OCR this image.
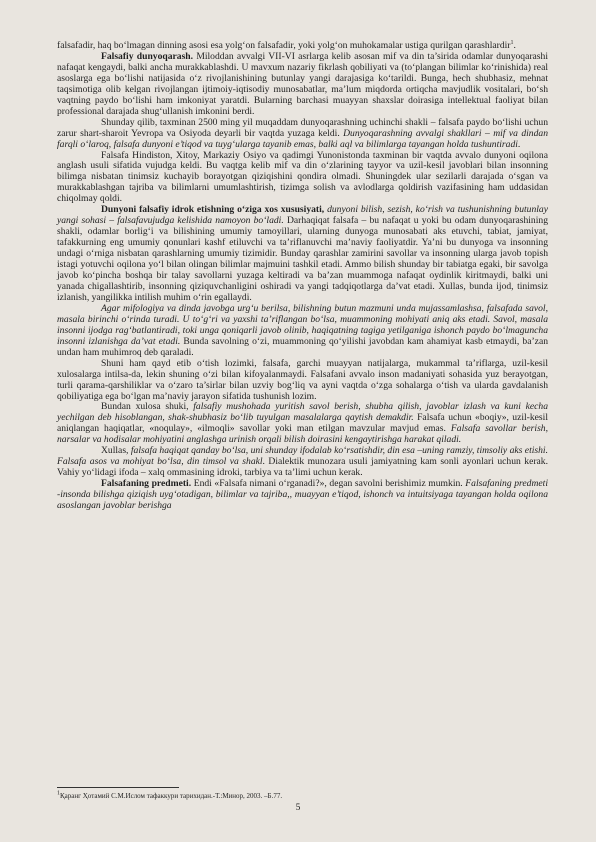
falsafadir, haq bo‘lmagan dinning asosi esa yolg‘on falsafadir, yoki yolg‘on muhokamalar ustiga qurilgan qarashlardir$^1$.

Falsafiy dunyoqarash. Miloddan avvalgi VII-VI asrlarga kelib asosan mif va din ta’sirida odamlar dunyoqarashi nafaqat kengaydi, balki ancha murakkablashdi. U mavxum nazariy fikrlash qobiliyati va (to‘plangan bilimlar ko‘rinishida) real asoslarga ega bo‘lishi natijasida o‘z rivojlanishining butunlay yangi darajasiga ko‘tarildi. Bunga, hech shubhasiz, mehnat taqsimotiga olib kelgan rivojlangan ijtimoiy-iqtisodiy munosabatlar, ma’lum miqdorda ortiqcha mavjudlik vositalari, bo‘sh vaqtning paydo bo‘lishi ham imkoniyat yaratdi. Bularning barchasi muayyan shaxslar doirasiga intellektual faoliyat bilan professional darajada shug‘ullanish imkonini berdi.

Shunday qilib, taxminan 2500 ming yil muqaddam dunyoqarashning uchinchi shakli – falsafa paydo bo‘lishi uchun zarur shart-sharoit Yevropa va Osiyoda deyarli bir vaqtda yuzaga keldi. Dunyoqarashning avvalgi shakllari – mif va dindan farqli o‘laroq, falsafa dunyoni e’tiqod va tuyg‘ularga tayanib emas, balki aql va bilimlarga tayangan holda tushuntiradi.

Falsafa Hindiston, Xitoy, Markaziy Osiyo va qadimgi Yunonistonda taxminan bir vaqtda avvalo dunyoni oqilona anglash usuli sifatida vujudga keldi. Bu vaqtga kelib mif va din o‘zlarining tayyor va uzil-kesil javoblari bilan insonning bilimga nisbatan tinimsiz kuchayib borayotgan qiziqishini qondira olmadi. Shuningdek ular sezilarli darajada o‘sgan va murakkablashgan tajriba va bilimlarni umumlashtirish, tizimga solish va avlodlarga qoldirish vazifasining ham uddasidan chiqolmay qoldi.

Dunyoni falsafiy idrok etishning o‘ziga xos xususiyati, dunyoni bilish, sezish, ko‘rish va tushunishning butunlay yangi sohasi – falsafavujudga kelishida namoyon bo‘ladi. Darhaqiqat falsafa – bu nafaqat u yoki bu odam dunyoqarashining shakli, odamlar borlig‘i va bilishining umumiy tamoyillari, ularning dunyoga munosabati aks etuvchi, tabiat, jamiyat, tafakkurning eng umumiy qonunlari kashf etiluvchi va ta’riflanuvchi ma’naviy faoliyatdir. Ya’ni bu dunyoga va insonning undagi o‘rniga nisbatan qarashlarning umumiy tizimidir. Bunday qarashlar zamirini savollar va insonning ularga javob topish istagi yotuvchi oqilona yo‘l bilan olingan bilimlar majmuini tashkil etadi. Ammo bilish shunday bir tabiatga egaki, bir savolga javob ko‘pincha boshqa bir talay savollarni yuzaga keltiradi va ba’zan muammoga nafaqat oydinlik kiritmaydi, balki uni yanada chigallashtirib, insonning qiziquvchanligini oshiradi va yangi tadqiqotlarga da’vat etadi. Xullas, bunda ijod, tinimsiz izlanish, yangilikka intilish muhim o‘rin egallaydi.

Agar mifologiya va dinda javobga urg‘u berilsa, bilishning butun mazmuni unda mujassamlashsa, falsafada savol, masala birinchi o‘rinda turadi. U to‘g‘ri va yaxshi ta’riflangan bo‘lsa, muammoning mohiyati aniq aks etadi. Savol, masala insonni ijodga rag‘batlantiradi, toki unga qoniqarli javob olinib, haqiqatning tagiga yetilganiga ishonch paydo bo‘lmaguncha insonni izlanishga da’vat etadi. Bunda savolning o‘zi, muammoning qo‘yilishi javobdan kam ahamiyat kasb etmaydi, ba’zan undan ham muhimroq deb qaraladi.

Shuni ham qayd etib o‘tish lozimki, falsafa, garchi muayyan natijalarga, mukammal ta’riflarga, uzil-kesil xulosalarga intilsa-da, lekin shuning o‘zi bilan kifoyalanmaydi. Falsafani avvalo inson madaniyati sohasida yuz berayotgan, turli qarama-qarshiliklar va o‘zaro ta’sirlar bilan uzviy bog‘liq va ayni vaqtda o‘zga sohalarga o‘tish va ularda gavdalanish qobiliyatiga ega bo‘lgan ma’naviy jarayon sifatida tushunish lozim.

Bundan xulosa shuki, falsafiy mushohada yuritish savol berish, shubha qilish, javoblar izlash va kuni kecha yechilgan deb hisoblangan, shak-shubhasiz bo‘lib tuyulgan masalalarga qaytish demakdir. Falsafa uchun «boqiy», uzil-kesil aniqlangan haqiqatlar, «noqulay», «ilmoqli» savollar yoki man etilgan mavzular mavjud emas. Falsafa savollar berish, narsalar va hodisalar mohiyatini anglashga urinish orqali bilish doirasini kengaytirishga harakat qiladi.

Xullas, falsafa haqiqat qanday bo‘lsa, uni shunday ifodalab ko‘rsatishdir, din esa –uning ramziy, timsoliy aks etishi. Falsafa asos va mohiyat bo‘lsa, din timsol va shakl. Dialektik munozara usuli jamiyatning kam sonli ayonlari uchun kerak. Vahiy yo‘lidagi ifoda – xalq ommasining idroki, tarbiya va ta’limi uchun kerak.

Falsafaning predmeti. Endi «Falsafa nimani o‘rganadi?», degan savolni berishimiz mumkin. Falsafaning predmeti -insonda bilishga qiziqish uyg‘otadigan, bilimlar va tajriba,, muayyan e’tiqod, ishonch va intuitsiyaga tayangan holda oqilona asoslangan javoblar berishga

$^1$Қаранг Ҳотамий С.М.Ислом тафаккури тарихидан.-Т.:Минор, 2003. –Б.77.
5
